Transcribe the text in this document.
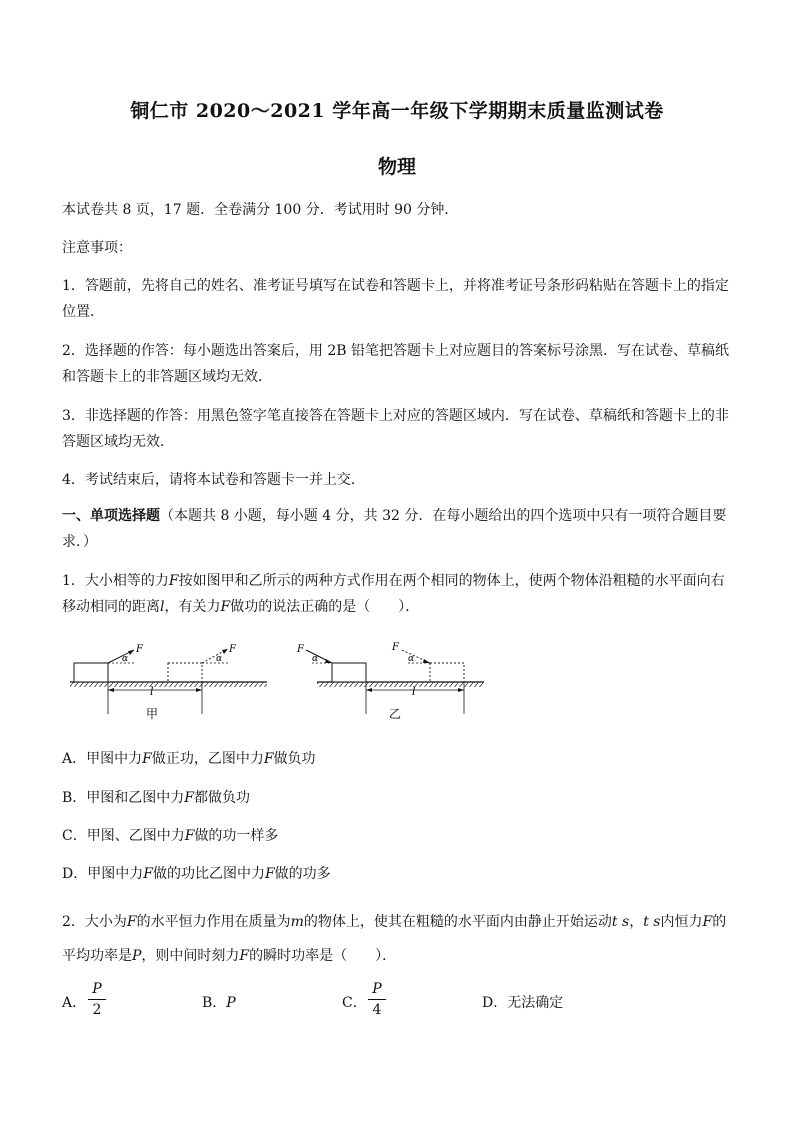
铜仁市 2020～2021 学年高一年级下学期期末质量监测试卷
物理
本试卷共 8 页，17 题．全卷满分 100 分．考试用时 90 分钟．
注意事项：
1．答题前，先将自己的姓名、准考证号填写在试卷和答题卡上，并将准考证号条形码粘贴在答题卡上的指定位置．
2．选择题的作答：每小题选出答案后，用 2B 铅笔把答题卡上对应题目的答案标号涂黑．写在试卷、草稿纸和答题卡上的非答题区域均无效．
3．非选择题的作答：用黑色签字笔直接答在答题卡上对应的答题区域内．写在试卷、草稿纸和答题卡上的非答题区域均无效．
4．考试结束后，请将本试卷和答题卡一并上交．
一、单项选择题（本题共 8 小题，每小题 4 分，共 32 分．在每小题给出的四个选项中只有一项符合题目要求．）
1．大小相等的力F按如图甲和乙所示的两种方式作用在两个相同的物体上，使两个物体沿粗糙的水平面向右移动相同的距离l，有关力F做功的说法正确的是（　　）．
F
α
F
α
l
甲
F
α
F
α
l
乙
A．甲图中力F做正功，乙图中力F做负功
B．甲图和乙图中力F都做负功
C．甲图、乙图中力F做的功一样多
D．甲图中力F做的功比乙图中力F做的功多
2．大小为F的水平恒力作用在质量为m的物体上，使其在粗糙的水平面内由静止开始运动t s，t s内恒力F的平均功率是P，则中间时刻力F的瞬时功率是（　　）．
A．
P
2	B．P	C．
P
4	D．无法确定
